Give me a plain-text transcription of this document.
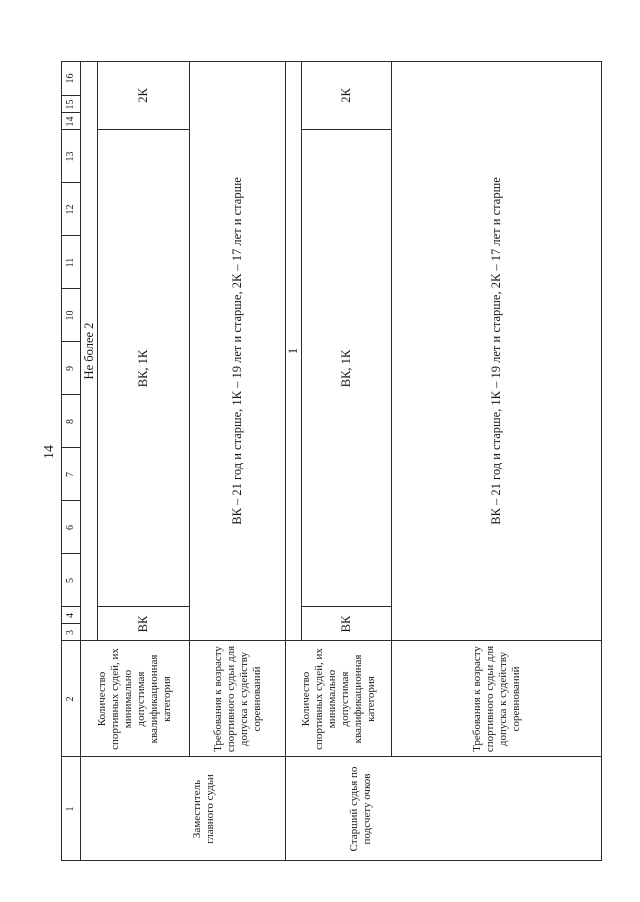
14
1
2
3
4
5
6
7
8
9
10
11
12
13
14
15
16
Заместитель главного судьи
Количество спортивных судей, их минимально допустимая квалификационная категория	Требования к возрасту спортивного судьи для допуска к судейству соревнований
Не более 2
ВК
ВК, 1К
2К
ВК – 21 год и старше, 1К – 19 лет и старше, 2К – 17 лет и старше
Старший судья по подсчету очков
Количество спортивных судей, их минимально допустимая квалификационная категория	Требования к возрасту спортивного судьи для допуска к судейству соревнований
1
ВК
ВК, 1К
2К
ВК – 21 год и старше, 1К – 19 лет и старше, 2К – 17 лет и старше
